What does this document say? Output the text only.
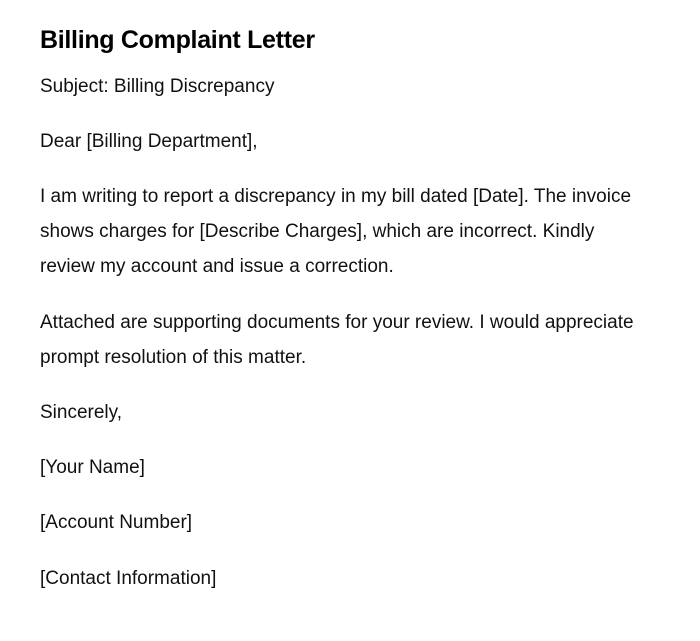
Billing Complaint Letter

Subject: Billing Discrepancy

Dear [Billing Department],

I am writing to report a discrepancy in my bill dated [Date]. The invoice shows charges for [Describe Charges], which are incorrect. Kindly review my account and issue a correction.

Attached are supporting documents for your review. I would appreciate prompt resolution of this matter.

Sincerely,

[Your Name]

[Account Number]

[Contact Information]
